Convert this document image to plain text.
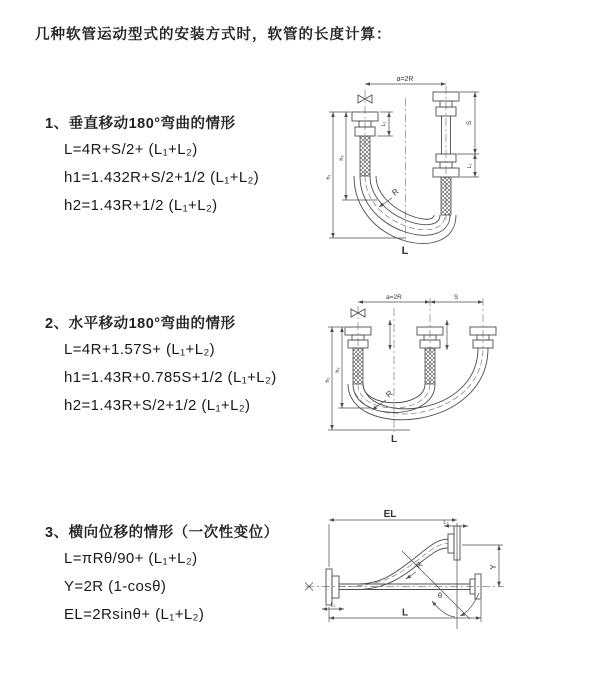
几种软管运动型式的安装方式时，软管的长度计算：
1、垂直移动180°弯曲的情形
L=4R+S/2+ (L₁+L₂)
h1=1.432R+S/2+1/2 (L₁+L₂)
h2=1.43R+1/2 (L₁+L₂)
2、水平移动180°弯曲的情形
L=4R+1.57S+ (L₁+L₂)
h1=1.43R+0.785S+1/2 (L₁+L₂)
h2=1.43R+S/2+1/2 (L₁+L₂)
3、横向位移的情形（一次性变位）
L=πRθ/90+ (L₁+L₂)
Y=2R (1-cosθ)
EL=2Rsinθ+ (L₁+L₂)
a=2R
L₁	S
L₁
h₂
h₁
R
L
a=2R	S
h₂
h₁
R
L
EL
L₂
Y
θ
R
L₁
L
